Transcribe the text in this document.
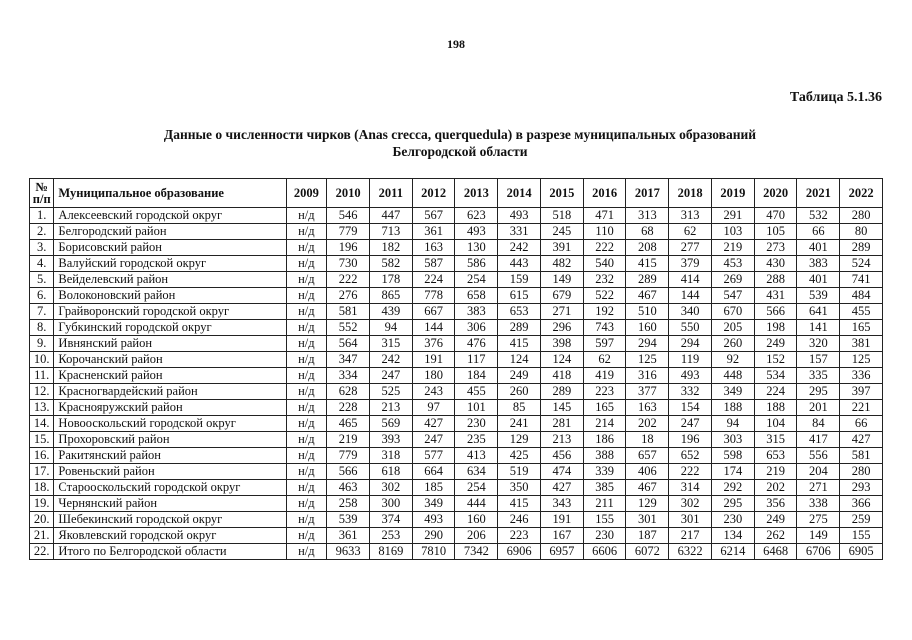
198
Таблица 5.1.36
Данные о численности чирков (Anas crecca, querquedula) в разрезе муниципальных образований
Белгородской области
№ п/п	Муниципальное образование	2009	2010	2011	2012	2013	2014	2015	2016	2017	2018	2019	2020	2021	2022
1.	Алексеевский городской округ	н/д	546	447	567	623	493	518	471	313	313	291	470	532	280
2.	Белгородский район	н/д	779	713	361	493	331	245	110	68	62	103	105	66	80
3.	Борисовский район	н/д	196	182	163	130	242	391	222	208	277	219	273	401	289
4.	Валуйский городской округ	н/д	730	582	587	586	443	482	540	415	379	453	430	383	524
5.	Вейделевский район	н/д	222	178	224	254	159	149	232	289	414	269	288	401	741
6.	Волоконовский район	н/д	276	865	778	658	615	679	522	467	144	547	431	539	484
7.	Грайворонский городской округ	н/д	581	439	667	383	653	271	192	510	340	670	566	641	455
8.	Губкинский городской округ	н/д	552	94	144	306	289	296	743	160	550	205	198	141	165
9.	Ивнянский район	н/д	564	315	376	476	415	398	597	294	294	260	249	320	381
10.	Корочанский район	н/д	347	242	191	117	124	124	62	125	119	92	152	157	125
11.	Красненский район	н/д	334	247	180	184	249	418	419	316	493	448	534	335	336
12.	Красногвардейский район	н/д	628	525	243	455	260	289	223	377	332	349	224	295	397
13.	Краснояружский район	н/д	228	213	97	101	85	145	165	163	154	188	188	201	221
14.	Новооскольский городской округ	н/д	465	569	427	230	241	281	214	202	247	94	104	84	66
15.	Прохоровский район	н/д	219	393	247	235	129	213	186	18	196	303	315	417	427
16.	Ракитянский район	н/д	779	318	577	413	425	456	388	657	652	598	653	556	581
17.	Ровеньский район	н/д	566	618	664	634	519	474	339	406	222	174	219	204	280
18.	Старооскольский городской округ	н/д	463	302	185	254	350	427	385	467	314	292	202	271	293
19.	Чернянский район	н/д	258	300	349	444	415	343	211	129	302	295	356	338	366
20.	Шебекинский городской округ	н/д	539	374	493	160	246	191	155	301	301	230	249	275	259
21.	Яковлевский городской округ	н/д	361	253	290	206	223	167	230	187	217	134	262	149	155
22.	Итого по Белгородской области	н/д	9633	8169	7810	7342	6906	6957	6606	6072	6322	6214	6468	6706	6905
